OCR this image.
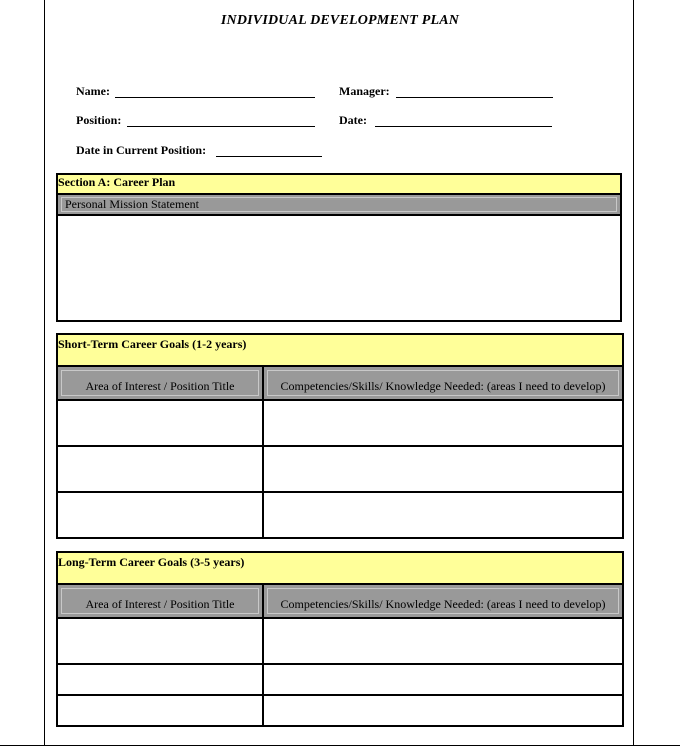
INDIVIDUAL DEVELOPMENT PLAN
Name:	Manager:
Position:	Date:
Date in Current Position:
Section A: Career Plan

Personal Mission Statement

Short-Term Career Goals (1-2 years)	

Area of Interest / Position Title	Competencies/Skills/ Knowledge Needed: (areas I need to develop)

Long-Term Career Goals (3-5 years)	

Area of Interest / Position Title	Competencies/Skills/ Knowledge Needed: (areas I need to develop)
